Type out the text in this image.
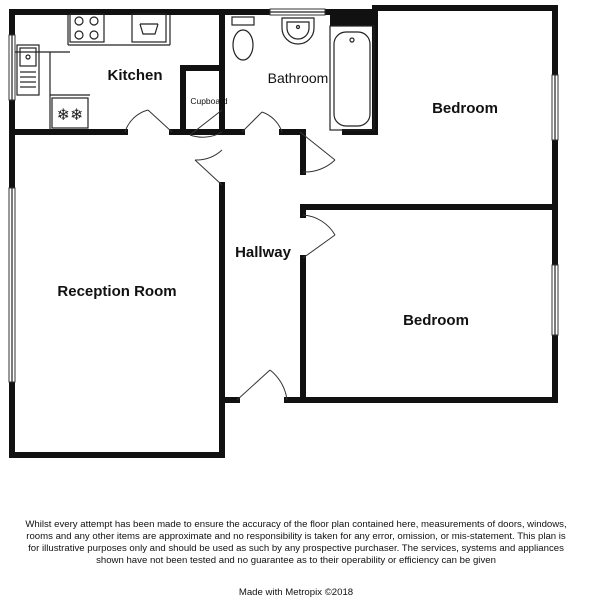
❄❄
Kitchen	Bathroom
Cupboard	Bedroom
Hallway
Reception Room
Bedroom
Whilst every attempt has been made to ensure the accuracy of the floor plan contained here, measurements of doors, windows, rooms and any other items are approximate and no responsibility is taken for any error, omission, or mis-statement. This plan is for illustrative purposes only and should be used as such by any prospective purchaser. The services, systems and appliances shown have not been tested and no guarantee as to their operability or efficiency can be given
Made with Metropix ©2018
